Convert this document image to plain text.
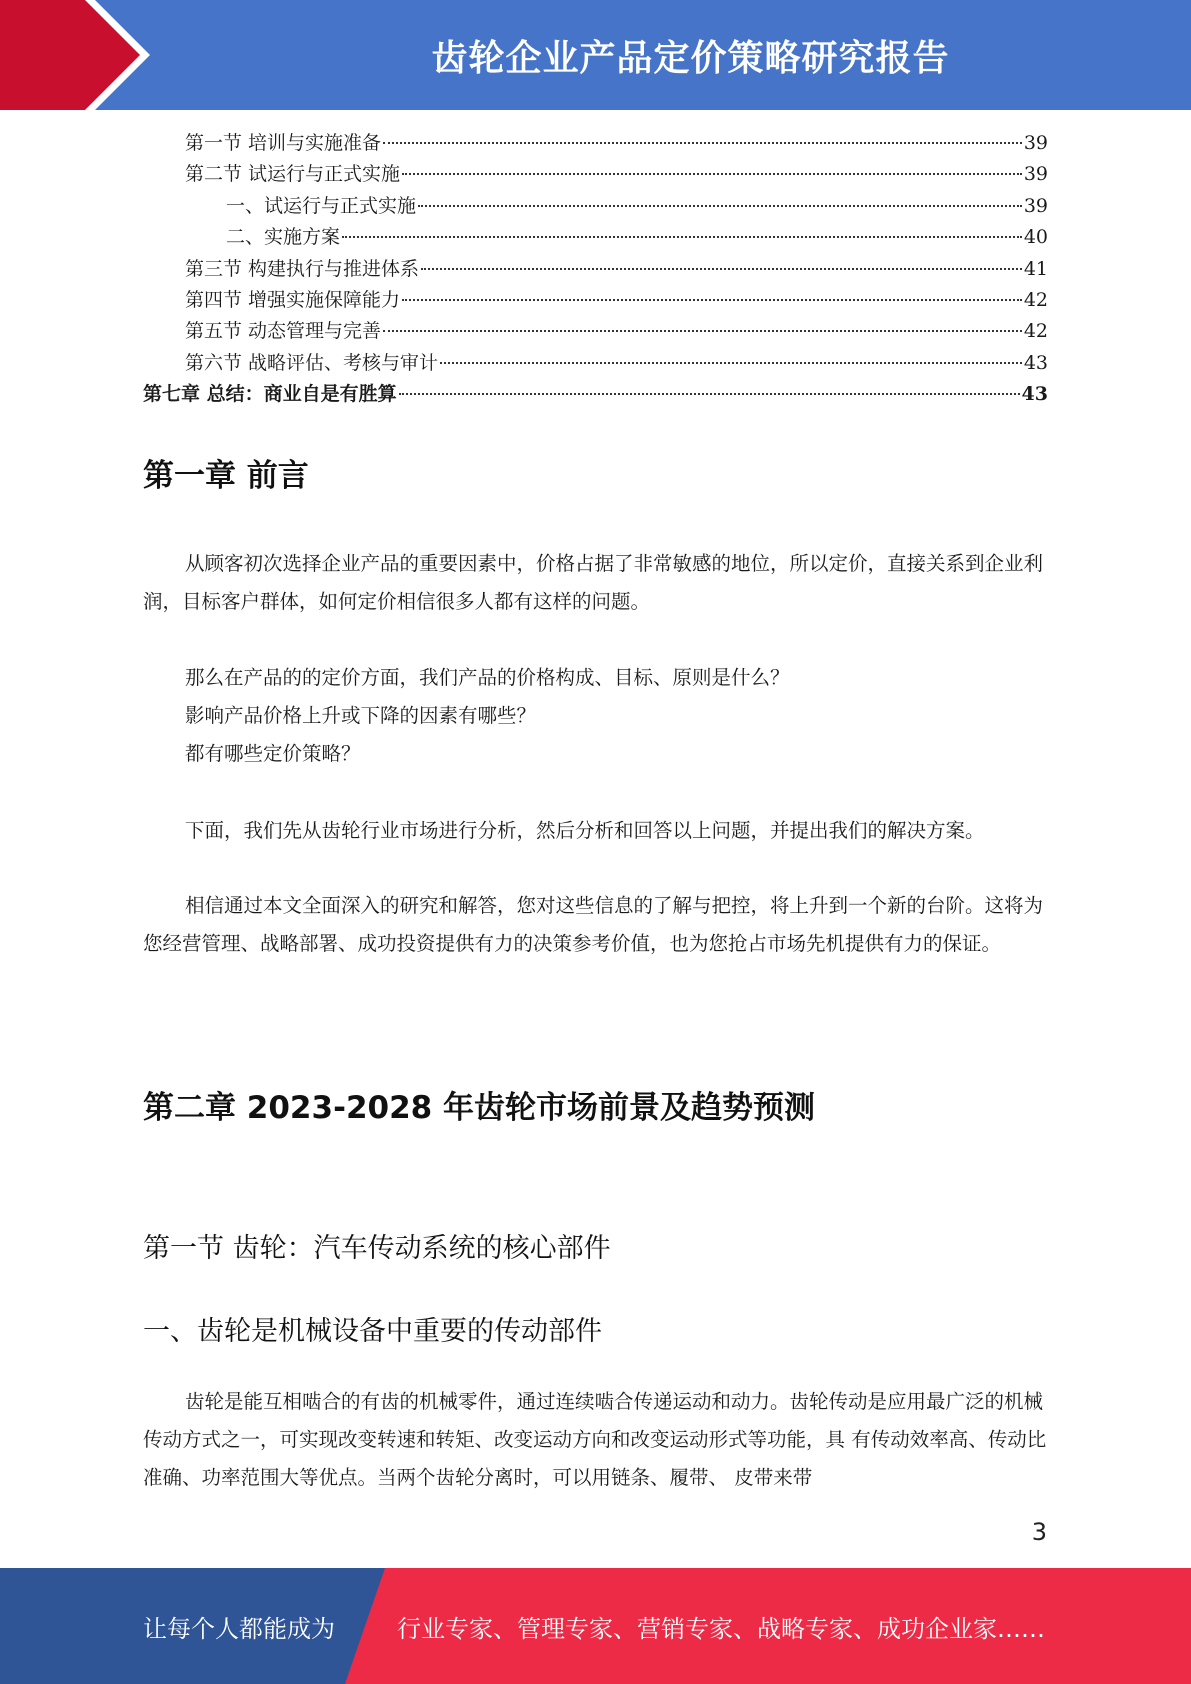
齿轮企业产品定价策略研究报告
第一节 培训与实施准备	39
第二节 试运行与正式实施	39
一、试运行与正式实施	39
二、实施方案	40
第三节 构建执行与推进体系	41
第四节 增强实施保障能力	42
第五节 动态管理与完善	42
第六节 战略评估、考核与审计	43
第七章 总结：商业自是有胜算	43
第一章 前言
从顾客初次选择企业产品的重要因素中，价格占据了非常敏感的地位，所以定价，直接关系到企业利润，目标客户群体，如何定价相信很多人都有这样的问题。
那么在产品的的定价方面，我们产品的价格构成、目标、原则是什么？
影响产品价格上升或下降的因素有哪些？
都有哪些定价策略？
下面，我们先从齿轮行业市场进行分析，然后分析和回答以上问题，并提出我们的解决方案。
相信通过本文全面深入的研究和解答，您对这些信息的了解与把控，将上升到一个新的台阶。这将为您经营管理、战略部署、成功投资提供有力的决策参考价值，也为您抢占市场先机提供有力的保证。
第二章 2023-2028 年齿轮市场前景及趋势预测
第一节 齿轮：汽车传动系统的核心部件
一、齿轮是机械设备中重要的传动部件
齿轮是能互相啮合的有齿的机械零件，通过连续啮合传递运动和动力。齿轮传动是应用最广泛的机械传动方式之一，可实现改变转速和转矩、改变运动方向和改变运动形式等功能，具 有传动效率高、传动比准确、功率范围大等优点。当两个齿轮分离时，可以用链条、履带、 皮带来带
3
让每个人都能成为	行业专家、管理专家、营销专家、战略专家、成功企业家……
